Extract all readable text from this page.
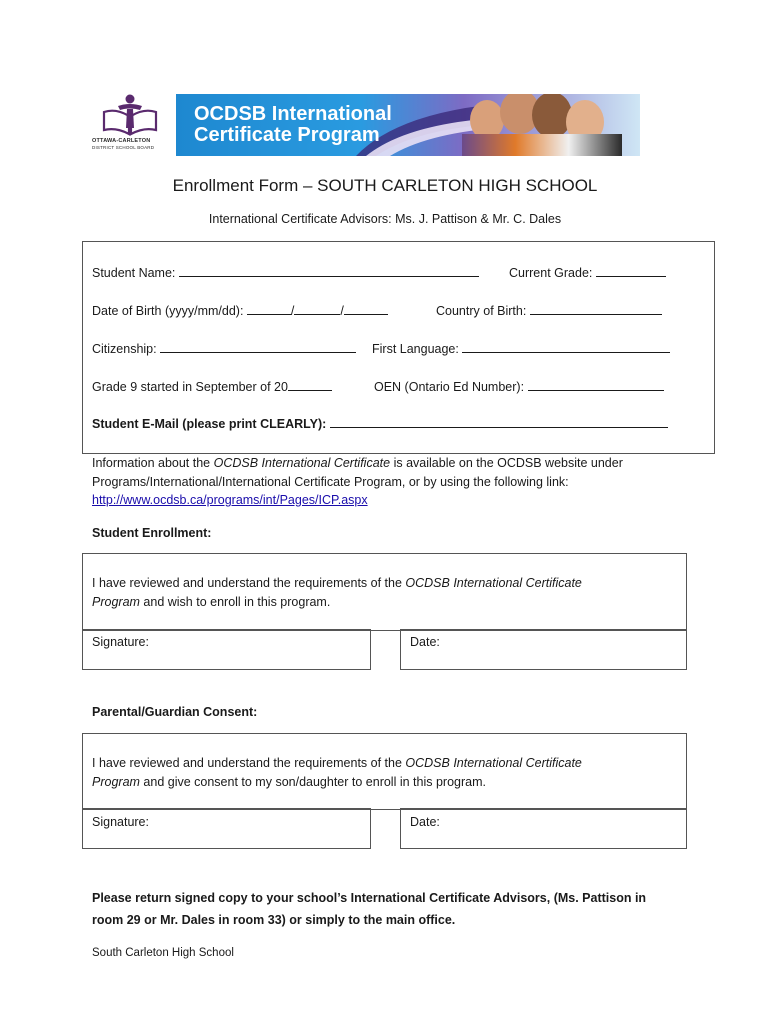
OTTAWA-CARLETON
DISTRICT SCHOOL BOARD
OCDSB International
Certificate Program
Enrollment Form – SOUTH CARLETON HIGH SCHOOL
International Certificate Advisors: Ms. J. Pattison & Mr. C. Dales
Student Name:	Current Grade:
Date of Birth (yyyy/mm/dd):	/	/	Country of Birth:
Citizenship:	First Language:
Grade 9 started in September of 20	OEN (Ontario Ed Number):
Student E-Mail (please print CLEARLY):
Information about the OCDSB International Certificate is available on the OCDSB website under
Programs/International/International Certificate Program, or by using the following link:
http://www.ocdsb.ca/programs/int/Pages/ICP.aspx
Student Enrollment:
I have reviewed and understand the requirements of the OCDSB International Certificate
Program and wish to enroll in this program.
Signature:	Date:
Parental/Guardian Consent:
I have reviewed and understand the requirements of the OCDSB International Certificate
Program and give consent to my son/daughter to enroll in this program.
Signature:	Date:
Please return signed copy to your school’s International Certificate Advisors, (Ms. Pattison in
room 29 or Mr. Dales in room 33) or simply to the main office.
South Carleton High School
